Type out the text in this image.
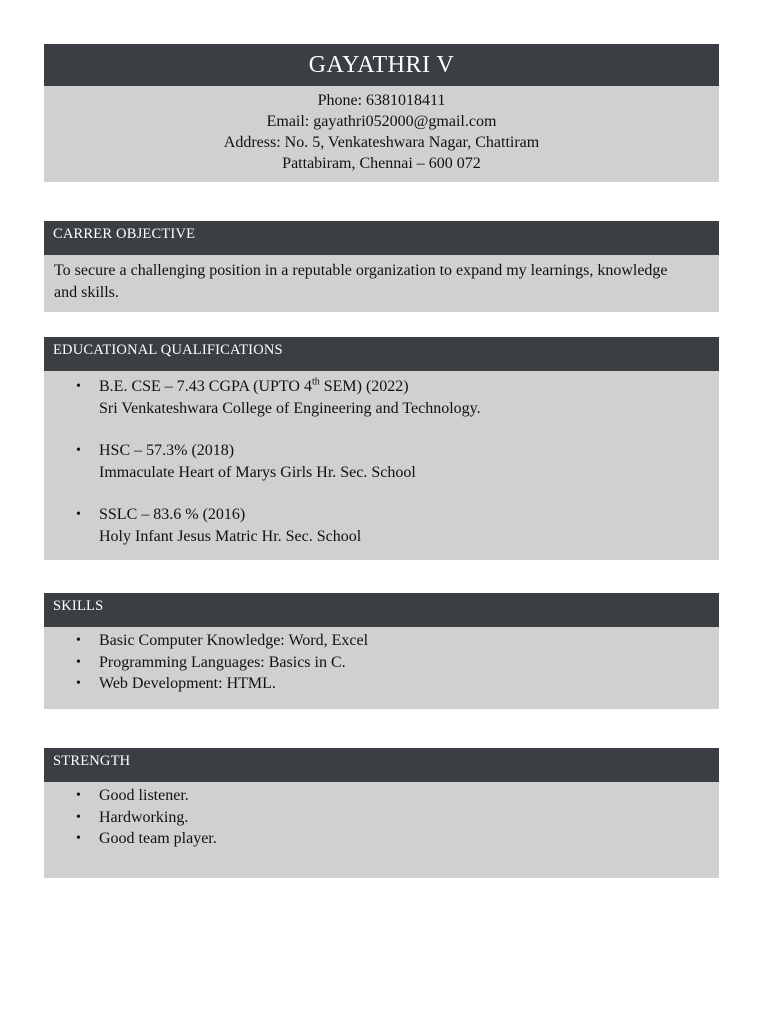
GAYATHRI V
Phone: 6381018411
Email: gayathri052000@gmail.com
Address: No. 5, Venkateshwara Nagar, Chattiram
Pattabiram, Chennai – 600 072
CARRER OBJECTIVE
To secure a challenging position in a reputable organization to expand my learnings, knowledge
and skills.
EDUCATIONAL QUALIFICATIONS
• B.E. CSE – 7.43 CGPA (UPTO 4th SEM) (2022)
Sri Venkateshwara College of Engineering and Technology.
• HSC – 57.3% (2018)
Immaculate Heart of Marys Girls Hr. Sec. School
• SSLC – 83.6 % (2016)
Holy Infant Jesus Matric Hr. Sec. School
SKILLS
• Basic Computer Knowledge: Word, Excel
• Programming Languages: Basics in C.
• Web Development: HTML.
STRENGTH
• Good listener.
• Hardworking.
• Good team player.
